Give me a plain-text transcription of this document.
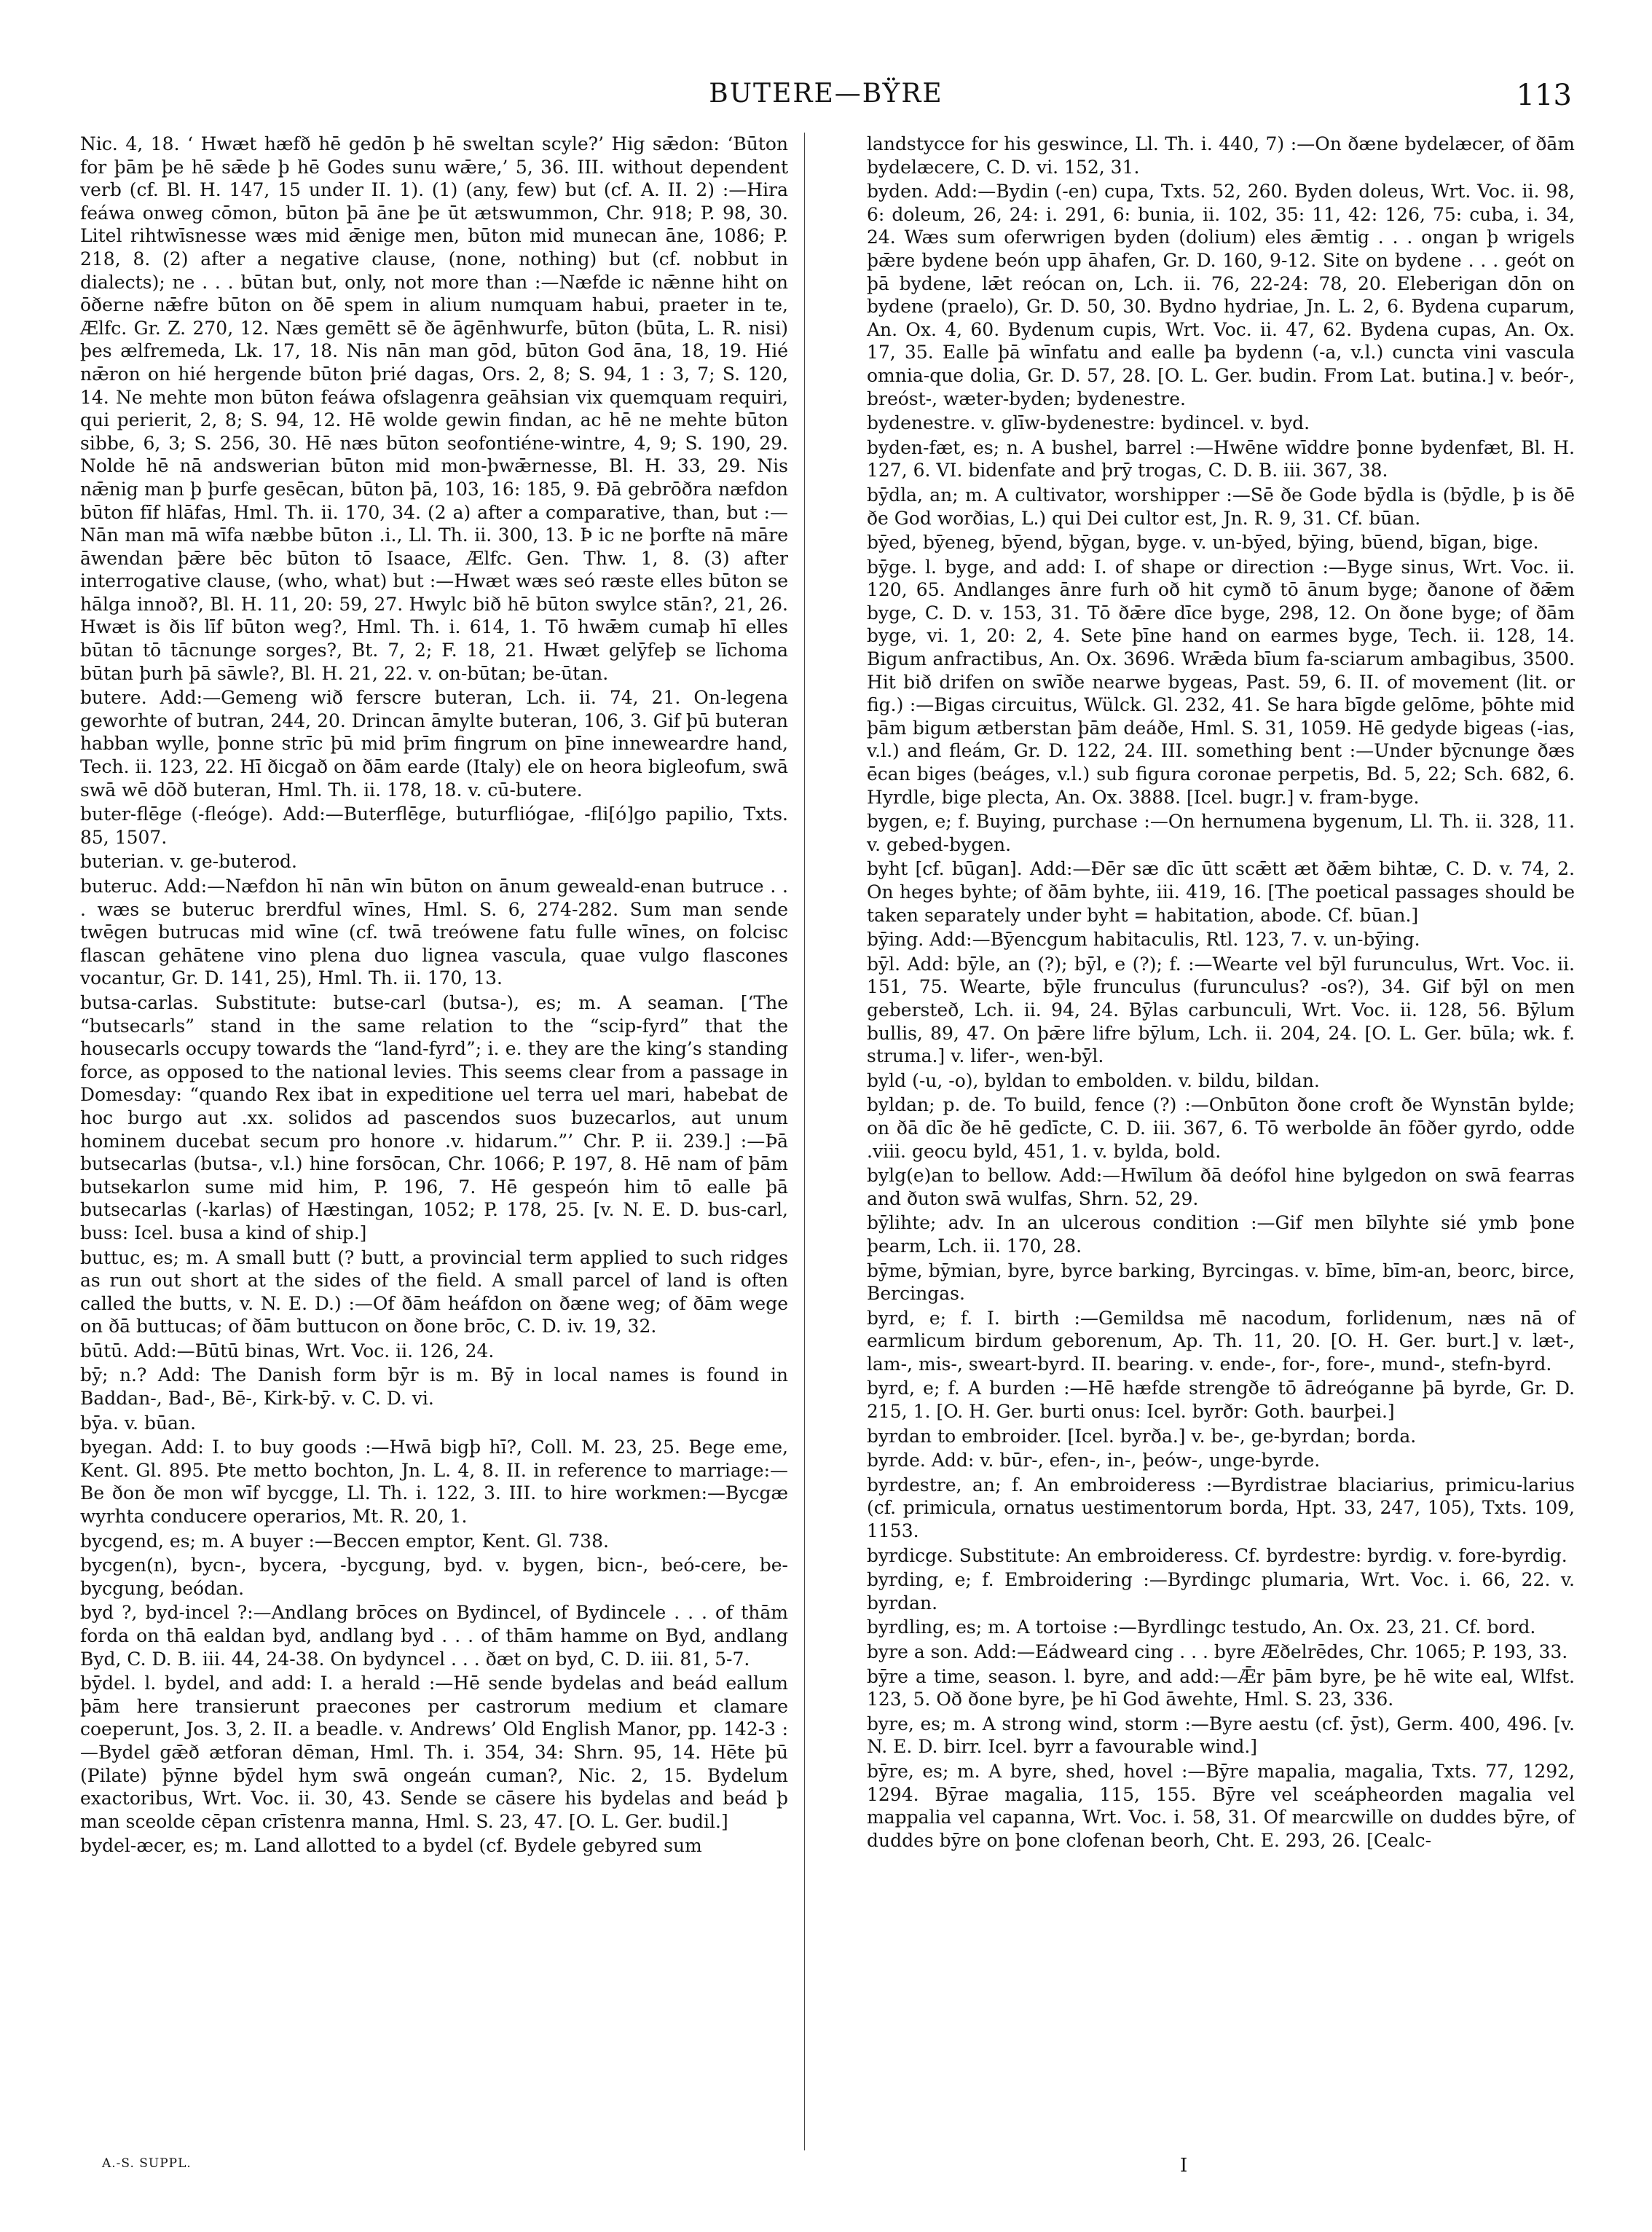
BUTERE—BŸRE	113

Nic. 4, 18. ‘ Hwæt hæfð hē gedōn þ hē sweltan scyle?’ Hig sǣdon: ‘Būton for þām þe hē sǣde þ hē Godes sunu wǣre,’ 5, 36. III. without dependent verb (cf. Bl. H. 147, 15 under II. 1). (1) (any, few) but (cf. A. II. 2) :—Hira feáwa onweg cōmon, būton þā āne þe ūt ætswummon, Chr. 918; P. 98, 30. Litel rihtwīsnesse wæs mid ǣnige men, būton mid munecan āne, 1086; P. 218, 8. (2) after a negative clause, (none, nothing) but (cf. nobbut in dialects); ne . . . būtan but, only, not more than :—Næfde ic nǣnne hiht on ōðerne nǣfre būton on ðē spem in alium numquam habui, praeter in te, Ælfc. Gr. Z. 270, 12. Næs gemētt sē ðe āgēnhwurfe, būton (būta, L. R. nisi) þes ælfremeda, Lk. 17, 18. Nis nān man gōd, būton God āna, 18, 19. Hié nǣron on hié hergende būton þrié dagas, Ors. 2, 8; S. 94, 1 : 3, 7; S. 120, 14. Ne mehte mon būton feáwa ofslagenra geāhsian vix quemquam requiri, qui perierit, 2, 8; S. 94, 12. Hē wolde gewin findan, ac hē ne mehte būton sibbe, 6, 3; S. 256, 30. Hē næs būton seofontiéne-wintre, 4, 9; S. 190, 29. Nolde hē nā andswerian būton mid mon-þwǣrnesse, Bl. H. 33, 29. Nis nǣnig man þ þurfe gesēcan, būton þā, 103, 16: 185, 9. Ðā gebrōðra næfdon būton fīf hlāfas, Hml. Th. ii. 170, 34. (2 a) after a comparative, than, but :—Nān man mā wīfa næbbe būton .i., Ll. Th. ii. 300, 13. Þ ic ne þorfte nā māre āwendan þǣre bēc būton tō Isaace, Ælfc. Gen. Thw. 1, 8. (3) after interrogative clause, (who, what) but :—Hwæt wæs seó ræste elles būton se hālga innoð?, Bl. H. 11, 20: 59, 27. Hwylc bið hē būton swylce stān?, 21, 26. Hwæt is ðis līf būton weg?, Hml. Th. i. 614, 1. Tō hwǣm cumaþ hī elles būtan tō tācnunge sorges?, Bt. 7, 2; F. 18, 21. Hwæt gelȳfeþ se līchoma būtan þurh þā sāwle?, Bl. H. 21, 22. v. on-būtan; be-ūtan.

butere. Add:—Gemeng wið ferscre buteran, Lch. ii. 74, 21. On-legena geworhte of butran, 244, 20. Drincan āmylte buteran, 106, 3. Gif þū buteran habban wylle, þonne strīc þū mid þrīm fingrum on þīne inneweardre hand, Tech. ii. 123, 22. Hī ðicgað on ðām earde (Italy) ele on heora bigleofum, swā swā wē dōð buteran, Hml. Th. ii. 178, 18. v. cū-butere.

buter-flēge (-fleóge). Add:—Buterflēge, buturfliógae, -fli[ó]go papilio, Txts. 85, 1507.

buterian. v. ge-buterod.

buteruc. Add:—Næfdon hī nān wīn būton on ānum geweald-enan butruce . . . wæs se buteruc brerdful wīnes, Hml. S. 6, 274-282. Sum man sende twēgen butrucas mid wīne (cf. twā treówene fatu fulle wīnes, on folcisc flascan gehātene vino plena duo lignea vascula, quae vulgo flascones vocantur, Gr. D. 141, 25), Hml. Th. ii. 170, 13.

butsa-carlas. Substitute: butse-carl (butsa-), es; m. A seaman. [‘The “butsecarls” stand in the same relation to the “scip-fyrd” that the housecarls occupy towards the “land-fyrd”; i. e. they are the king’s standing force, as opposed to the national levies. This seems clear from a passage in Domesday: “quando Rex ibat in expeditione uel terra uel mari, habebat de hoc burgo aut .xx. solidos ad pascendos suos buzecarlos, aut unum hominem ducebat secum pro honore .v. hidarum.”’ Chr. P. ii. 239.] :—Þā butsecarlas (butsa-, v.l.) hine forsōcan, Chr. 1066; P. 197, 8. Hē nam of þām butsekarlon sume mid him, P. 196, 7. Hē gespeón him tō ealle þā butsecarlas (-karlas) of Hæstingan, 1052; P. 178, 25. [v. N. E. D. bus-carl, buss: Icel. busa a kind of ship.]

buttuc, es; m. A small butt (? butt, a provincial term applied to such ridges as run out short at the sides of the field. A small parcel of land is often called the butts, v. N. E. D.) :—Of ðām heáfdon on ðæne weg; of ðām wege on ðā buttucas; of ðām buttucon on ðone brōc, C. D. iv. 19, 32.

būtū. Add:—Būtū binas, Wrt. Voc. ii. 126, 24.

bȳ; n.? Add: The Danish form bȳr is m. Bȳ in local names is found in Baddan-, Bad-, Bē-, Kirk-bȳ. v. C. D. vi.

bȳa. v. būan.

byegan. Add: I. to buy goods :—Hwā bigþ hī?, Coll. M. 23, 25. Bege eme, Kent. Gl. 895. Þte metto bochton, Jn. L. 4, 8. II. in reference to marriage:—Be ðon ðe mon wīf bycgge, Ll. Th. i. 122, 3. III. to hire workmen:—Bycgæ wyrhta conducere operarios, Mt. R. 20, 1.

bycgend, es; m. A buyer :—Beccen emptor, Kent. Gl. 738.

bycgen(n), bycn-, bycera, -bycgung, byd. v. bygen, bicn-, beó-cere, be-bycgung, beódan.

byd ?, byd-incel ?:—Andlang brōces on Bydincel, of Bydincele . . . of thām forda on thā ealdan byd, andlang byd . . . of thām hamme on Byd, andlang Byd, C. D. B. iii. 44, 24-38. On bydyncel . . . ðæt on byd, C. D. iii. 81, 5-7.

bȳdel. l. bydel, and add: I. a herald :—Hē sende bydelas and beád eallum þām here transierunt praecones per castrorum medium et clamare coeperunt, Jos. 3, 2. II. a beadle. v. Andrews’ Old English Manor, pp. 142-3 :—Bydel gǣð ætforan dēman, Hml. Th. i. 354, 34: Shrn. 95, 14. Hēte þū (Pilate) þȳnne bȳdel hym swā ongeán cuman?, Nic. 2, 15. Bydelum exactoribus, Wrt. Voc. ii. 30, 43. Sende se cāsere his bydelas and beád þ man sceolde cēpan crīstenra manna, Hml. S. 23, 47. [O. L. Ger. budil.]

bydel-æcer, es; m. Land allotted to a bydel (cf. Bydele gebyred sum

landstycce for his geswince, Ll. Th. i. 440, 7) :—On ðæne bydelæcer, of ðām bydelæcere, C. D. vi. 152, 31.

byden. Add:—Bydin (-en) cupa, Txts. 52, 260. Byden doleus, Wrt. Voc. ii. 98, 6: doleum, 26, 24: i. 291, 6: bunia, ii. 102, 35: 11, 42: 126, 75: cuba, i. 34, 24. Wæs sum oferwrigen byden (dolium) eles ǣmtig . . . ongan þ wrigels þǣre bydene beón upp āhafen, Gr. D. 160, 9-12. Site on bydene . . . geót on þā bydene, lǣt reócan on, Lch. ii. 76, 22-24: 78, 20. Eleberigan dōn on bydene (praelo), Gr. D. 50, 30. Bydno hydriae, Jn. L. 2, 6. Bydena cuparum, An. Ox. 4, 60. Bydenum cupis, Wrt. Voc. ii. 47, 62. Bydena cupas, An. Ox. 17, 35. Ealle þā wīnfatu and ealle þa bydenn (-a, v.l.) cuncta vini vascula omnia-que dolia, Gr. D. 57, 28. [O. L. Ger. budin. From Lat. butina.] v. beór-, breóst-, wæter-byden; bydenestre.

bydenestre. v. glīw-bydenestre: bydincel. v. byd.

byden-fæt, es; n. A bushel, barrel :—Hwēne wīddre þonne bydenfæt, Bl. H. 127, 6. VI. bidenfate and þrȳ trogas, C. D. B. iii. 367, 38.

bȳdla, an; m. A cultivator, worshipper :—Sē ðe Gode bȳdla is (bȳdle, þ is ðē ðe God worðias, L.) qui Dei cultor est, Jn. R. 9, 31. Cf. būan.

bȳed, bȳeneg, bȳend, bȳgan, byge. v. un-bȳed, bȳing, būend, bīgan, bige.

bȳge. l. byge, and add: I. of shape or direction :—Byge sinus, Wrt. Voc. ii. 120, 65. Andlanges ānre furh oð hit cymð tō ānum byge; ðanone of ðǣm byge, C. D. v. 153, 31. Tō ðǣre dīce byge, 298, 12. On ðone byge; of ðām byge, vi. 1, 20: 2, 4. Sete þīne hand on earmes byge, Tech. ii. 128, 14. Bigum anfractibus, An. Ox. 3696. Wrǣda bīum fa-sciarum ambagibus, 3500. Hit bið drifen on swīðe nearwe bygeas, Past. 59, 6. II. of movement (lit. or fig.) :—Bigas circuitus, Wülck. Gl. 232, 41. Se hara bīgde gelōme, þōhte mid þām bigum ætberstan þām deáðe, Hml. S. 31, 1059. Hē gedyde bigeas (-ias, v.l.) and fleám, Gr. D. 122, 24. III. something bent :—Under bȳcnunge ðæs ēcan biges (beáges, v.l.) sub figura coronae perpetis, Bd. 5, 22; Sch. 682, 6. Hyrdle, bige plecta, An. Ox. 3888. [Icel. bugr.] v. fram-byge.

bygen, e; f. Buying, purchase :—On hernumena bygenum, Ll. Th. ii. 328, 11. v. gebed-bygen.

byht [cf. būgan]. Add:—Ðēr sæ dīc ūtt scǣtt æt ðǣm bihtæ, C. D. v. 74, 2. On heges byhte; of ðām byhte, iii. 419, 16. [The poetical passages should be taken separately under byht = habitation, abode. Cf. būan.]

bȳing. Add:—Bȳencgum habitaculis, Rtl. 123, 7. v. un-bȳing.

bȳl. Add: bȳle, an (?); bȳl, e (?); f. :—Wearte vel bȳl furunculus, Wrt. Voc. ii. 151, 75. Wearte, bȳle frunculus (furunculus? -os?), 34. Gif bȳl on men gebersteð, Lch. ii. 94, 24. Bȳlas carbunculi, Wrt. Voc. ii. 128, 56. Bȳlum bullis, 89, 47. On þǣre lifre bȳlum, Lch. ii. 204, 24. [O. L. Ger. būla; wk. f. struma.] v. lifer-, wen-bȳl.

byld (-u, -o), byldan to embolden. v. bildu, bildan.

byldan; p. de. To build, fence (?) :—Onbūton ðone croft ðe Wynstān bylde; on ðā dīc ðe hē gedīcte, C. D. iii. 367, 6. Tō werbolde ān fōðer gyrdo, odde .viii. geocu byld, 451, 1. v. bylda, bold.

bylg(e)an to bellow. Add:—Hwīlum ðā deófol hine bylgedon on swā fearras and ðuton swā wulfas, Shrn. 52, 29.

bȳlihte; adv. In an ulcerous condition :—Gif men bīlyhte sié ymb þone þearm, Lch. ii. 170, 28.

bȳme, bȳmian, byre, byrce barking, Byrcingas. v. bīme, bīm-an, beorc, birce, Bercingas.

byrd, e; f. I. birth :—Gemildsa mē nacodum, forlidenum, næs nā of earmlicum birdum geborenum, Ap. Th. 11, 20. [O. H. Ger. burt.] v. læt-, lam-, mis-, sweart-byrd. II. bearing. v. ende-, for-, fore-, mund-, stefn-byrd.

byrd, e; f. A burden :—Hē hæfde strengðe tō ādreóganne þā byrde, Gr. D. 215, 1. [O. H. Ger. burti onus: Icel. byrðr: Goth. baurþei.]

byrdan to embroider. [Icel. byrða.] v. be-, ge-byrdan; borda.

byrde. Add: v. būr-, efen-, in-, þeów-, unge-byrde.

byrdestre, an; f. An embroideress :—Byrdistrae blaciarius, primicu-larius (cf. primicula, ornatus uestimentorum borda, Hpt. 33, 247, 105), Txts. 109, 1153.

byrdicge. Substitute: An embroideress. Cf. byrdestre: byrdig. v. fore-byrdig.

byrding, e; f. Embroidering :—Byrdingc plumaria, Wrt. Voc. i. 66, 22. v. byrdan.

byrdling, es; m. A tortoise :—Byrdlingc testudo, An. Ox. 23, 21. Cf. bord.

byre a son. Add:—Eádweard cing . . . byre Æðelrēdes, Chr. 1065; P. 193, 33.

bȳre a time, season. l. byre, and add:—Ǣr þām byre, þe hē wite eal, Wlfst. 123, 5. Oð ðone byre, þe hī God āwehte, Hml. S. 23, 336.

byre, es; m. A strong wind, storm :—Byre aestu (cf. ȳst), Germ. 400, 496. [v. N. E. D. birr. Icel. byrr a favourable wind.]

bȳre, es; m. A byre, shed, hovel :—Bȳre mapalia, magalia, Txts. 77, 1292, 1294. Bȳrae magalia, 115, 155. Bȳre vel sceápheorden magalia vel mappalia vel capanna, Wrt. Voc. i. 58, 31. Of mearcwille on duddes bȳre, of duddes bȳre on þone clofenan beorh, Cht. E. 293, 26. [Cealc-

A.-S. SUPPL.	I
